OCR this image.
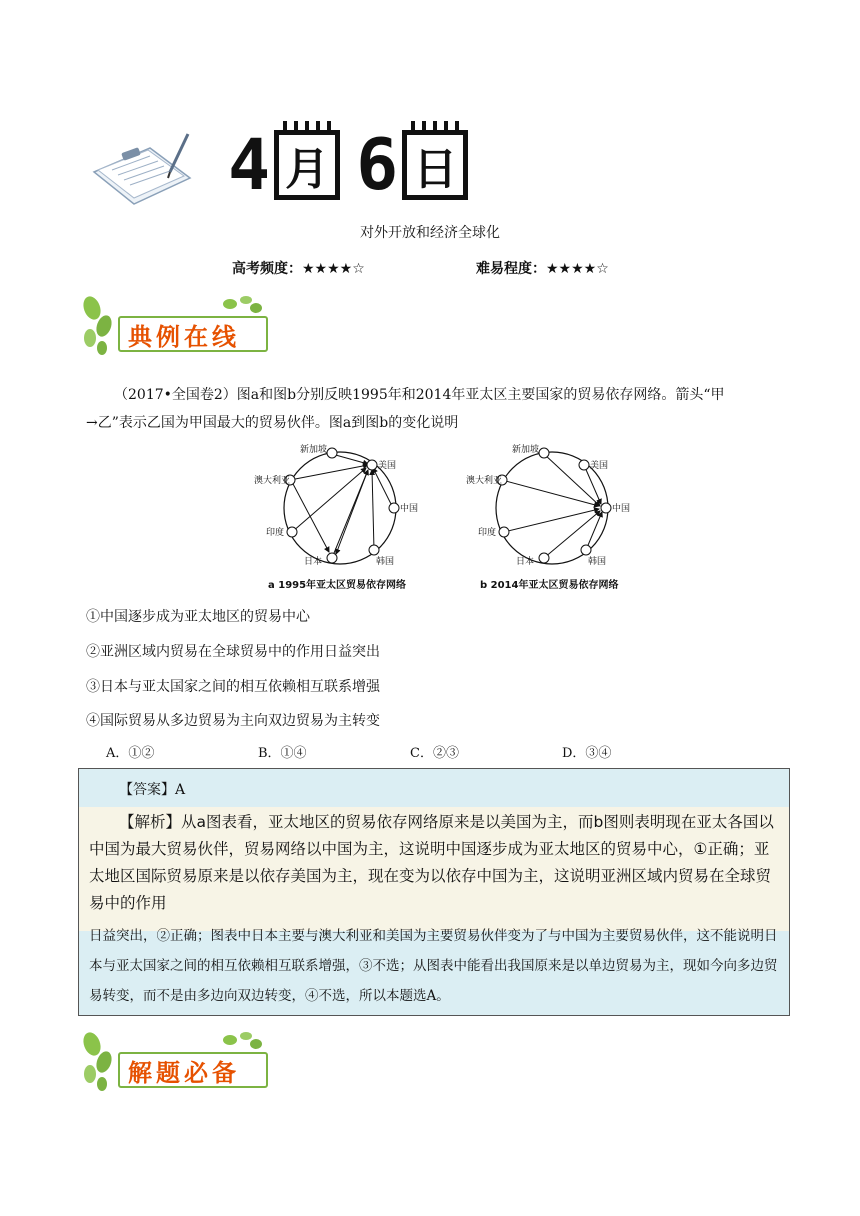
4 月 6 日
对外开放和经济全球化
高考频度：★★★★☆	难易程度：★★★★☆
典例在线
（2017•全国卷2）图a和图b分别反映1995年和2014年亚太区主要国家的贸易依存网络。箭头“甲
→乙”表示乙国为甲国最大的贸易伙伴。图a到图b的变化说明
新加坡
美国
澳大利亚
中国
印度
日本	韩国
a 1995年亚太区贸易依存网络
新加坡
美国
澳大利亚
中国
印度
日本	韩国
b 2014年亚太区贸易依存网络
①中国逐步成为亚太地区的贸易中心
②亚洲区域内贸易在全球贸易中的作用日益突出
③日本与亚太国家之间的相互依赖相互联系增强
④国际贸易从多边贸易为主向双边贸易为主转变
A．①②	B．①④	C．②③	D．③④
【答案】A
【解析】从a图表看，亚太地区的贸易依存网络原来是以美国为主，而b图则表明现在亚太各国以中国为最大贸易伙伴，贸易网络以中国为主，这说明中国逐步成为亚太地区的贸易中心，①正确；亚太地区国际贸易原来是以依存美国为主，现在变为以依存中国为主，这说明亚洲区域内贸易在全球贸易中的作用
日益突出，②正确；图表中日本主要与澳大利亚和美国为主要贸易伙伴变为了与中国为主要贸易伙伴，这不能说明日本与亚太国家之间的相互依赖相互联系增强，③不选；从图表中能看出我国原来是以单边贸易为主，现如今向多边贸易转变，而不是由多边向双边转变，④不选，所以本题选A。
解题必备
